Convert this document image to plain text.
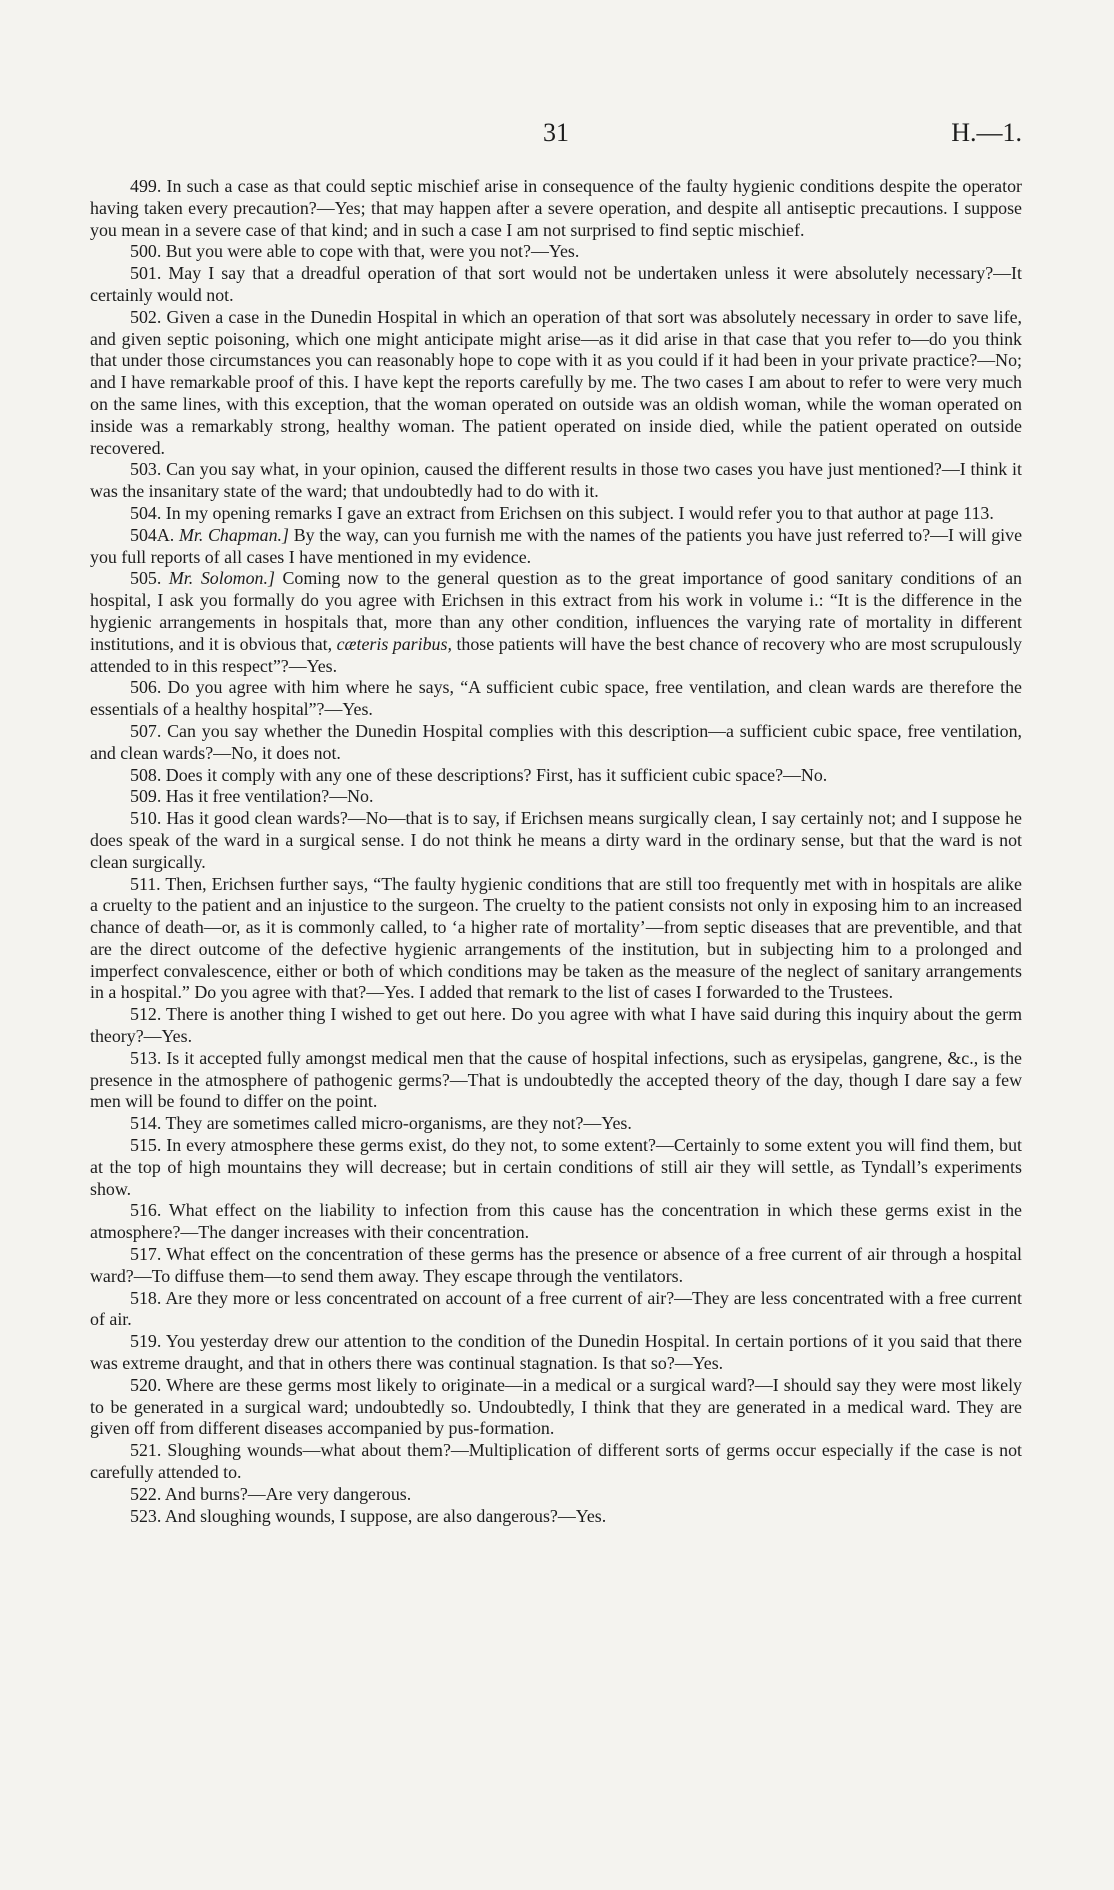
31	H.—1.

499. In such a case as that could septic mischief arise in consequence of the faulty hygienic conditions despite the operator having taken every precaution?—Yes; that may happen after a severe operation, and despite all antiseptic precautions. I suppose you mean in a severe case of that kind; and in such a case I am not surprised to find septic mischief.

500. But you were able to cope with that, were you not?—Yes.

501. May I say that a dreadful operation of that sort would not be undertaken unless it were absolutely necessary?—It certainly would not.

502. Given a case in the Dunedin Hospital in which an operation of that sort was absolutely necessary in order to save life, and given septic poisoning, which one might anticipate might arise—as it did arise in that case that you refer to—do you think that under those circumstances you can reasonably hope to cope with it as you could if it had been in your private practice?—No; and I have remarkable proof of this. I have kept the reports carefully by me. The two cases I am about to refer to were very much on the same lines, with this exception, that the woman operated on outside was an oldish woman, while the woman operated on inside was a remarkably strong, healthy woman. The patient operated on inside died, while the patient operated on outside recovered.

503. Can you say what, in your opinion, caused the different results in those two cases you have just mentioned?—I think it was the insanitary state of the ward; that undoubtedly had to do with it.

504. In my opening remarks I gave an extract from Erichsen on this subject. I would refer you to that author at page 113.

504A. Mr. Chapman.] By the way, can you furnish me with the names of the patients you have just referred to?—I will give you full reports of all cases I have mentioned in my evidence.

505. Mr. Solomon.] Coming now to the general question as to the great importance of good sanitary conditions of an hospital, I ask you formally do you agree with Erichsen in this extract from his work in volume i.: “It is the difference in the hygienic arrangements in hospitals that, more than any other condition, influences the varying rate of mortality in different institutions, and it is obvious that, cæteris paribus, those patients will have the best chance of recovery who are most scrupulously attended to in this respect”?—Yes.

506. Do you agree with him where he says, “A sufficient cubic space, free ventilation, and clean wards are therefore the essentials of a healthy hospital”?—Yes.

507. Can you say whether the Dunedin Hospital complies with this description—a sufficient cubic space, free ventilation, and clean wards?—No, it does not.

508. Does it comply with any one of these descriptions? First, has it sufficient cubic space?—No.

509. Has it free ventilation?—No.

510. Has it good clean wards?—No—that is to say, if Erichsen means surgically clean, I say certainly not; and I suppose he does speak of the ward in a surgical sense. I do not think he means a dirty ward in the ordinary sense, but that the ward is not clean surgically.

511. Then, Erichsen further says, “The faulty hygienic conditions that are still too frequently met with in hospitals are alike a cruelty to the patient and an injustice to the surgeon. The cruelty to the patient consists not only in exposing him to an increased chance of death—or, as it is commonly called, to ‘a higher rate of mortality’—from septic diseases that are preventible, and that are the direct outcome of the defective hygienic arrangements of the institution, but in subjecting him to a prolonged and imperfect convalescence, either or both of which conditions may be taken as the measure of the neglect of sanitary arrangements in a hospital.” Do you agree with that?—Yes. I added that remark to the list of cases I forwarded to the Trustees.

512. There is another thing I wished to get out here. Do you agree with what I have said during this inquiry about the germ theory?—Yes.

513. Is it accepted fully amongst medical men that the cause of hospital infections, such as erysipelas, gangrene, &c., is the presence in the atmosphere of pathogenic germs?—That is undoubtedly the accepted theory of the day, though I dare say a few men will be found to differ on the point.

514. They are sometimes called micro-organisms, are they not?—Yes.

515. In every atmosphere these germs exist, do they not, to some extent?—Certainly to some extent you will find them, but at the top of high mountains they will decrease; but in certain conditions of still air they will settle, as Tyndall’s experiments show.

516. What effect on the liability to infection from this cause has the concentration in which these germs exist in the atmosphere?—The danger increases with their concentration.

517. What effect on the concentration of these germs has the presence or absence of a free current of air through a hospital ward?—To diffuse them—to send them away. They escape through the ventilators.

518. Are they more or less concentrated on account of a free current of air?—They are less concentrated with a free current of air.

519. You yesterday drew our attention to the condition of the Dunedin Hospital. In certain portions of it you said that there was extreme draught, and that in others there was continual stagnation. Is that so?—Yes.

520. Where are these germs most likely to originate—in a medical or a surgical ward?—I should say they were most likely to be generated in a surgical ward; undoubtedly so. Undoubtedly, I think that they are generated in a medical ward. They are given off from different diseases accompanied by pus-formation.

521. Sloughing wounds—what about them?—Multiplication of different sorts of germs occur especially if the case is not carefully attended to.

522. And burns?—Are very dangerous.

523. And sloughing wounds, I suppose, are also dangerous?—Yes.
